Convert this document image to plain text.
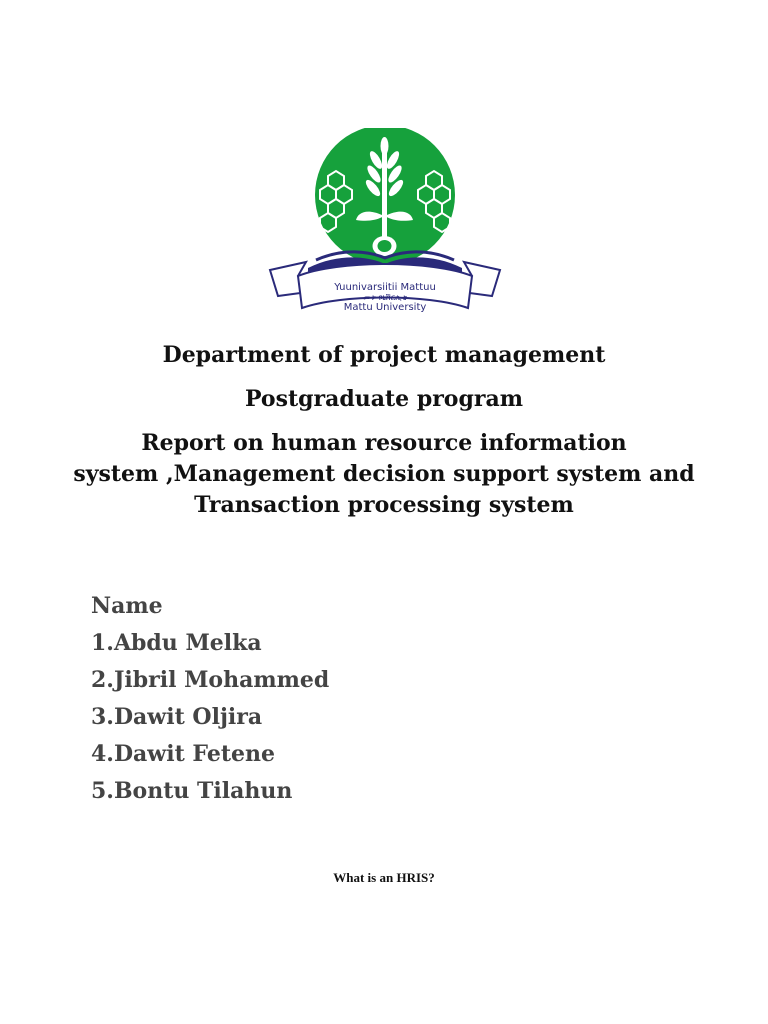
Yuunivarsiitii Mattuu
መቱ ዩኒቨርሲቲ
Mattu University
Department of project management
Postgraduate program
Report on human resource information
system ,Management decision support system and
Transaction processing system
Name
1.Abdu Melka
2.Jibril Mohammed
3.Dawit Oljira
4.Dawit Fetene
5.Bontu Tilahun
What is an HRIS?
